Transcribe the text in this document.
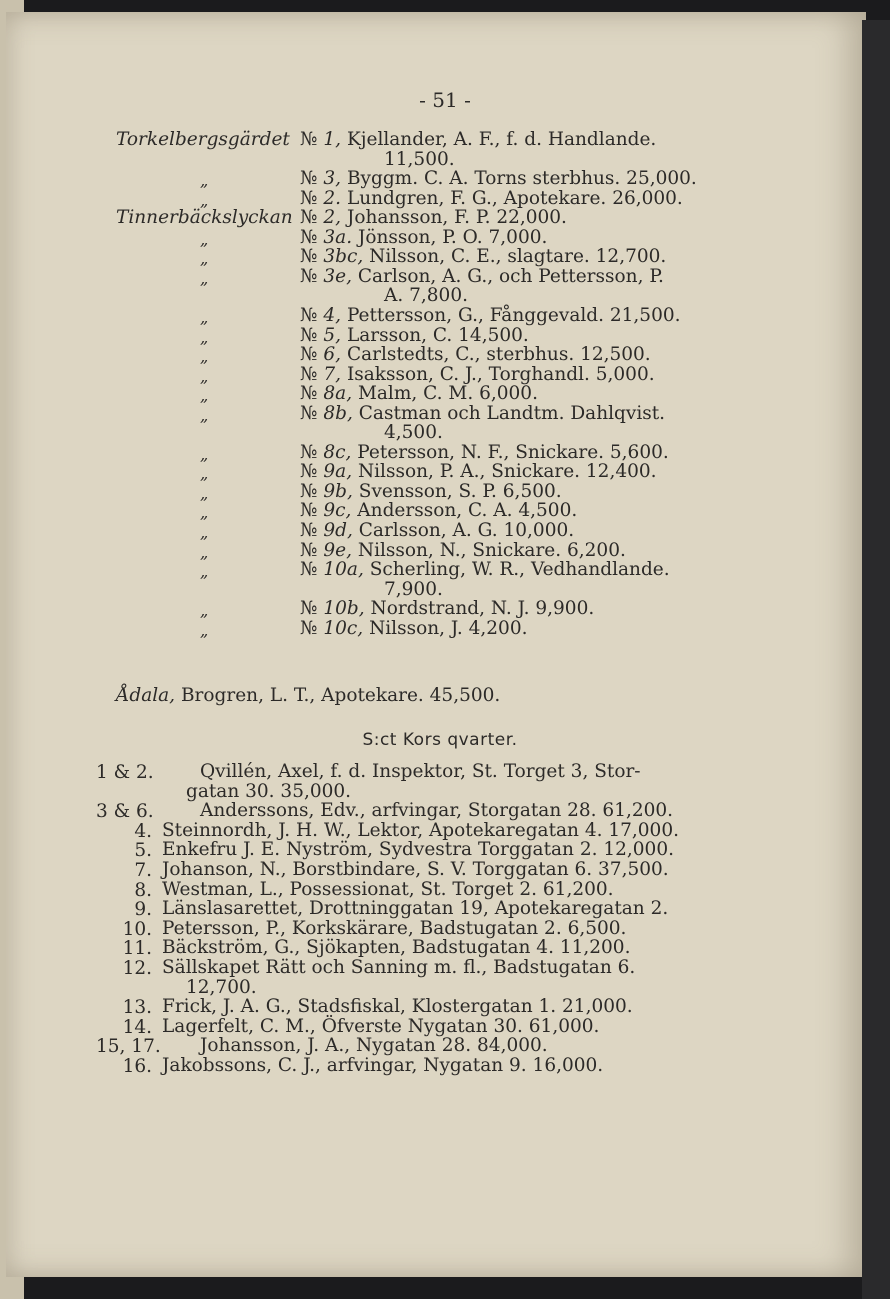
- 51 -
Torkelbergsgärdet № 1, Kjellander, A. F., f. d. Handlande.
11,500.
„	№ 3, Byggm. C. A. Torns sterbhus. 25,000.
„	№ 2. Lundgren, F. G., Apotekare. 26,000.
Tinnerbäckslyckan № 2, Johansson, F. P. 22,000.
„	№ 3a. Jönsson, P. O. 7,000.
„	№ 3bc, Nilsson, C. E., slagtare. 12,700.
„	№ 3e, Carlson, A. G., och Pettersson, P.
A. 7,800.
„	№ 4, Pettersson, G., Fånggevald. 21,500.
„	№ 5, Larsson, C. 14,500.
„	№ 6, Carlstedts, C., sterbhus. 12,500.
„	№ 7, Isaksson, C. J., Torghandl. 5,000.
„	№ 8a, Malm, C. M. 6,000.
„	№ 8b, Castman och Landtm. Dahlqvist.
4,500.
„	№ 8c, Petersson, N. F., Snickare. 5,600.
„	№ 9a, Nilsson, P. A., Snickare. 12,400.
„	№ 9b, Svensson, S. P. 6,500.
„	№ 9c, Andersson, C. A. 4,500.
„	№ 9d, Carlsson, A. G. 10,000.
„	№ 9e, Nilsson, N., Snickare. 6,200.
„	№ 10a, Scherling, W. R., Vedhandlande.
7,900.
„	№ 10b, Nordstrand, N. J. 9,900.
„	№ 10c, Nilsson, J. 4,200.
Ådala, Brogren, L. T., Apotekare. 45,500.
S:ct Kors qvarter.
1 & 2.	Qvillén, Axel, f. d. Inspektor, St. Torget 3, Stor-
gatan 30. 35,000.
3 & 6.	Anderssons, Edv., arfvingar, Storgatan 28. 61,200.
4. Steinnordh, J. H. W., Lektor, Apotekaregatan 4. 17,000.
5. Enkefru J. E. Nyström, Sydvestra Torggatan 2. 12,000.
7. Johanson, N., Borstbindare, S. V. Torggatan 6. 37,500.
8. Westman, L., Possessionat, St. Torget 2. 61,200.
9. Länslasarettet, Drottninggatan 19, Apotekaregatan 2.
10. Petersson, P., Korkskärare, Badstugatan 2. 6,500.
11. Bäckström, G., Sjökapten, Badstugatan 4. 11,200.
12. Sällskapet Rätt och Sanning m. fl., Badstugatan 6.
12,700.
13. Frick, J. A. G., Stadsfiskal, Klostergatan 1. 21,000.
14. Lagerfelt, C. M., Öfverste Nygatan 30. 61,000.
15, 17. Johansson, J. A., Nygatan 28. 84,000.
16. Jakobssons, C. J., arfvingar, Nygatan 9. 16,000.
